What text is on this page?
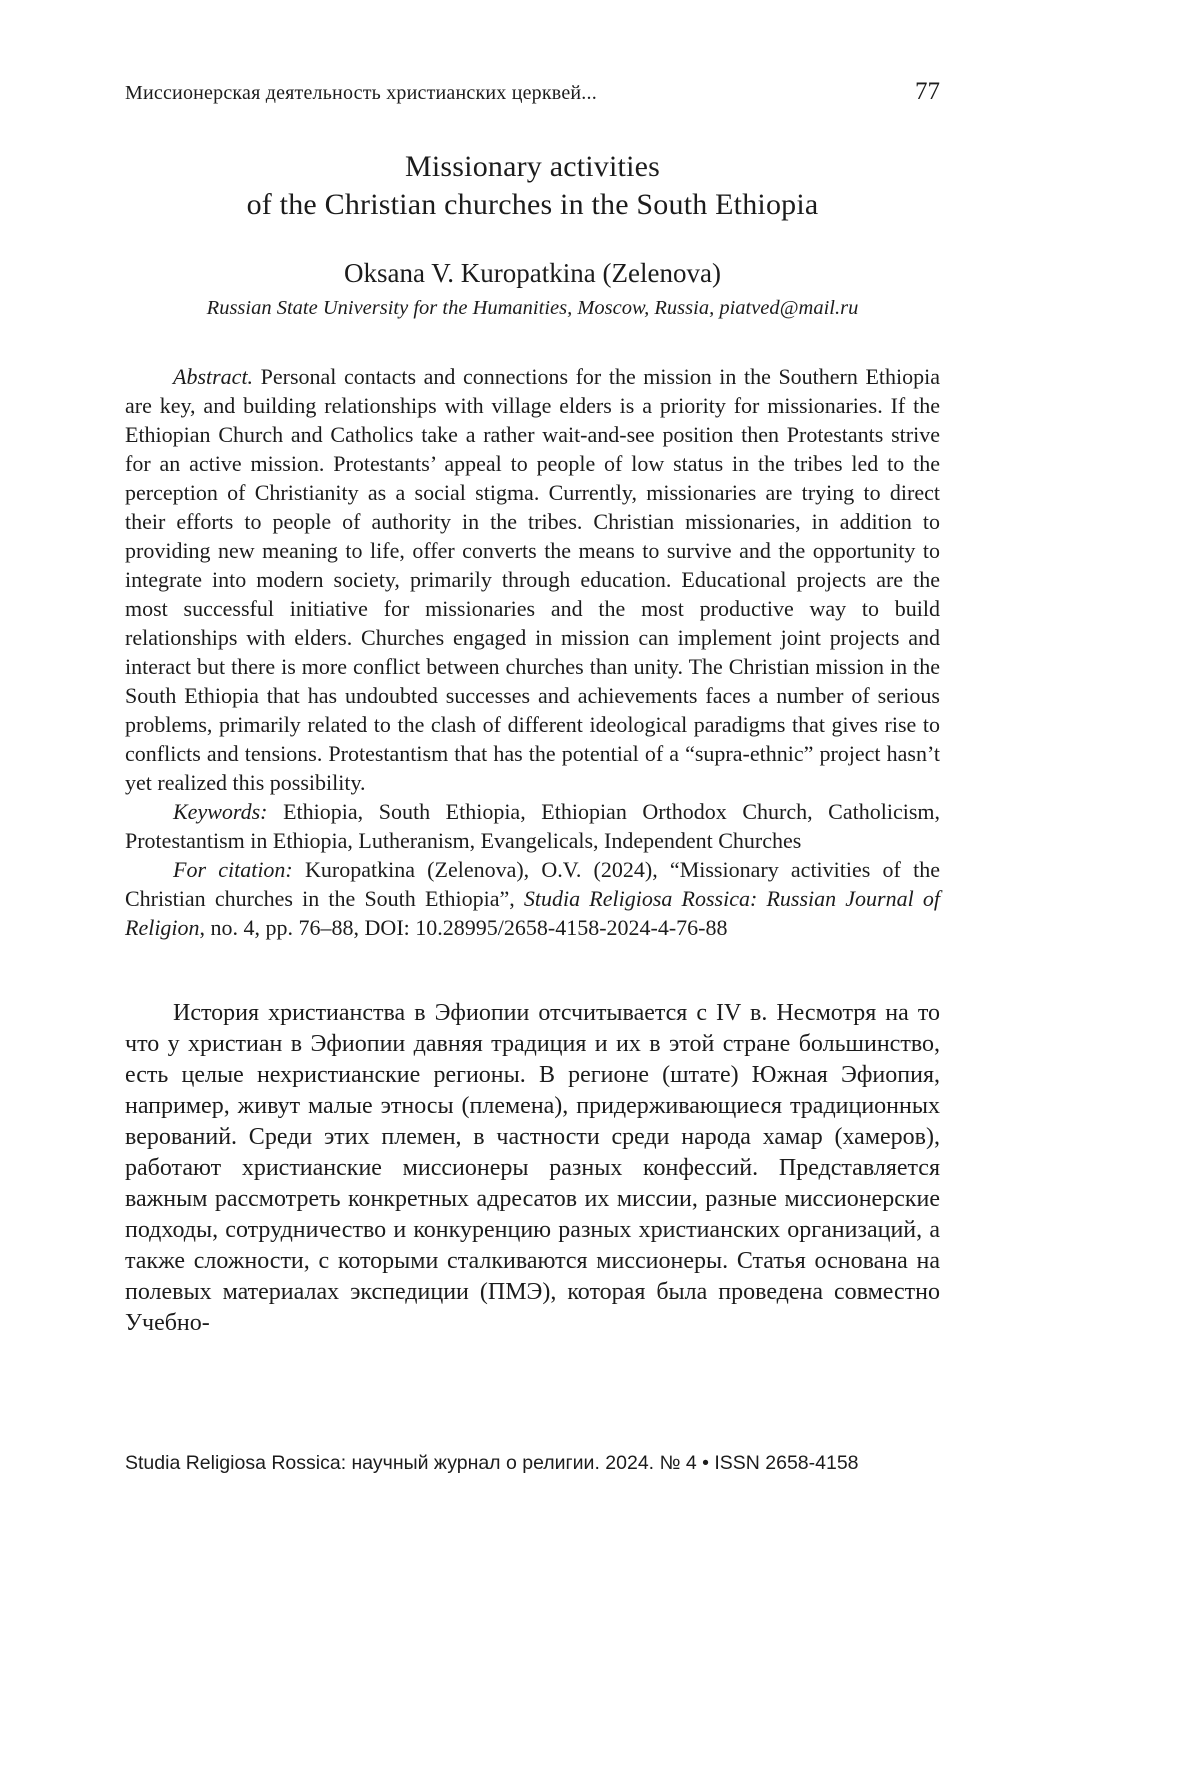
Миссионерская деятельность христианских церквей...	77
Missionary activities
of the Christian churches in the South Ethiopia
Oksana V. Kuropatkina (Zelenova)
Russian State University for the Humanities, Moscow, Russia, piatved@mail.ru

Abstract. Personal contacts and connections for the mission in the Southern Ethiopia are key, and building relationships with village elders is a priority for missionaries. If the Ethiopian Church and Catholics take a rather wait-and-see position then Protestants strive for an active mission. Protestants’ appeal to people of low status in the tribes led to the perception of Christianity as a social stigma. Currently, missionaries are trying to direct their efforts to people of authority in the tribes. Christian missionaries, in addition to providing new meaning to life, offer converts the means to survive and the opportunity to integrate into modern society, primarily through education. Educational projects are the most successful initiative for missionaries and the most productive way to build relationships with elders. Churches engaged in mission can implement joint projects and interact but there is more conflict between churches than unity. The Christian mission in the South Ethiopia that has undoubted successes and achievements faces a number of serious problems, primarily related to the clash of different ideological paradigms that gives rise to conflicts and tensions. Protestantism that has the potential of a “supra-ethnic” project hasn’t yet realized this possibility.

Keywords: Ethiopia, South Ethiopia, Ethiopian Orthodox Church, Catholicism, Protestantism in Ethiopia, Lutheranism, Evangelicals, Independent Churches

For citation: Kuropatkina (Zelenova), O.V. (2024), “Missionary activities of the Christian churches in the South Ethiopia”, Studia Religiosa Rossica: Russian Journal of Religion, no. 4, pp. 76–88, DOI: 10.28995/2658-4158-2024-4-76-88

История христианства в Эфиопии отсчитывается с IV в. Несмотря на то что у христиан в Эфиопии давняя традиция и их в этой стране большинство, есть целые нехристианские регионы. В регионе (штате) Южная Эфиопия, например, живут малые этносы (племена), придерживающиеся традиционных верований. Среди этих племен, в частности среди народа хамар (хамеров), работают христианские миссионеры разных конфессий. Представляется важным рассмотреть конкретных адресатов их миссии, разные миссионерские подходы, сотрудничество и конкуренцию разных христианских организаций, а также сложности, с которыми сталкиваются миссионеры. Статья основана на полевых материалах экспедиции (ПМЭ), которая была проведена совместно Учебно-

Studia Religiosa Rossica: научный журнал о религии. 2024. № 4 • ISSN 2658-4158
